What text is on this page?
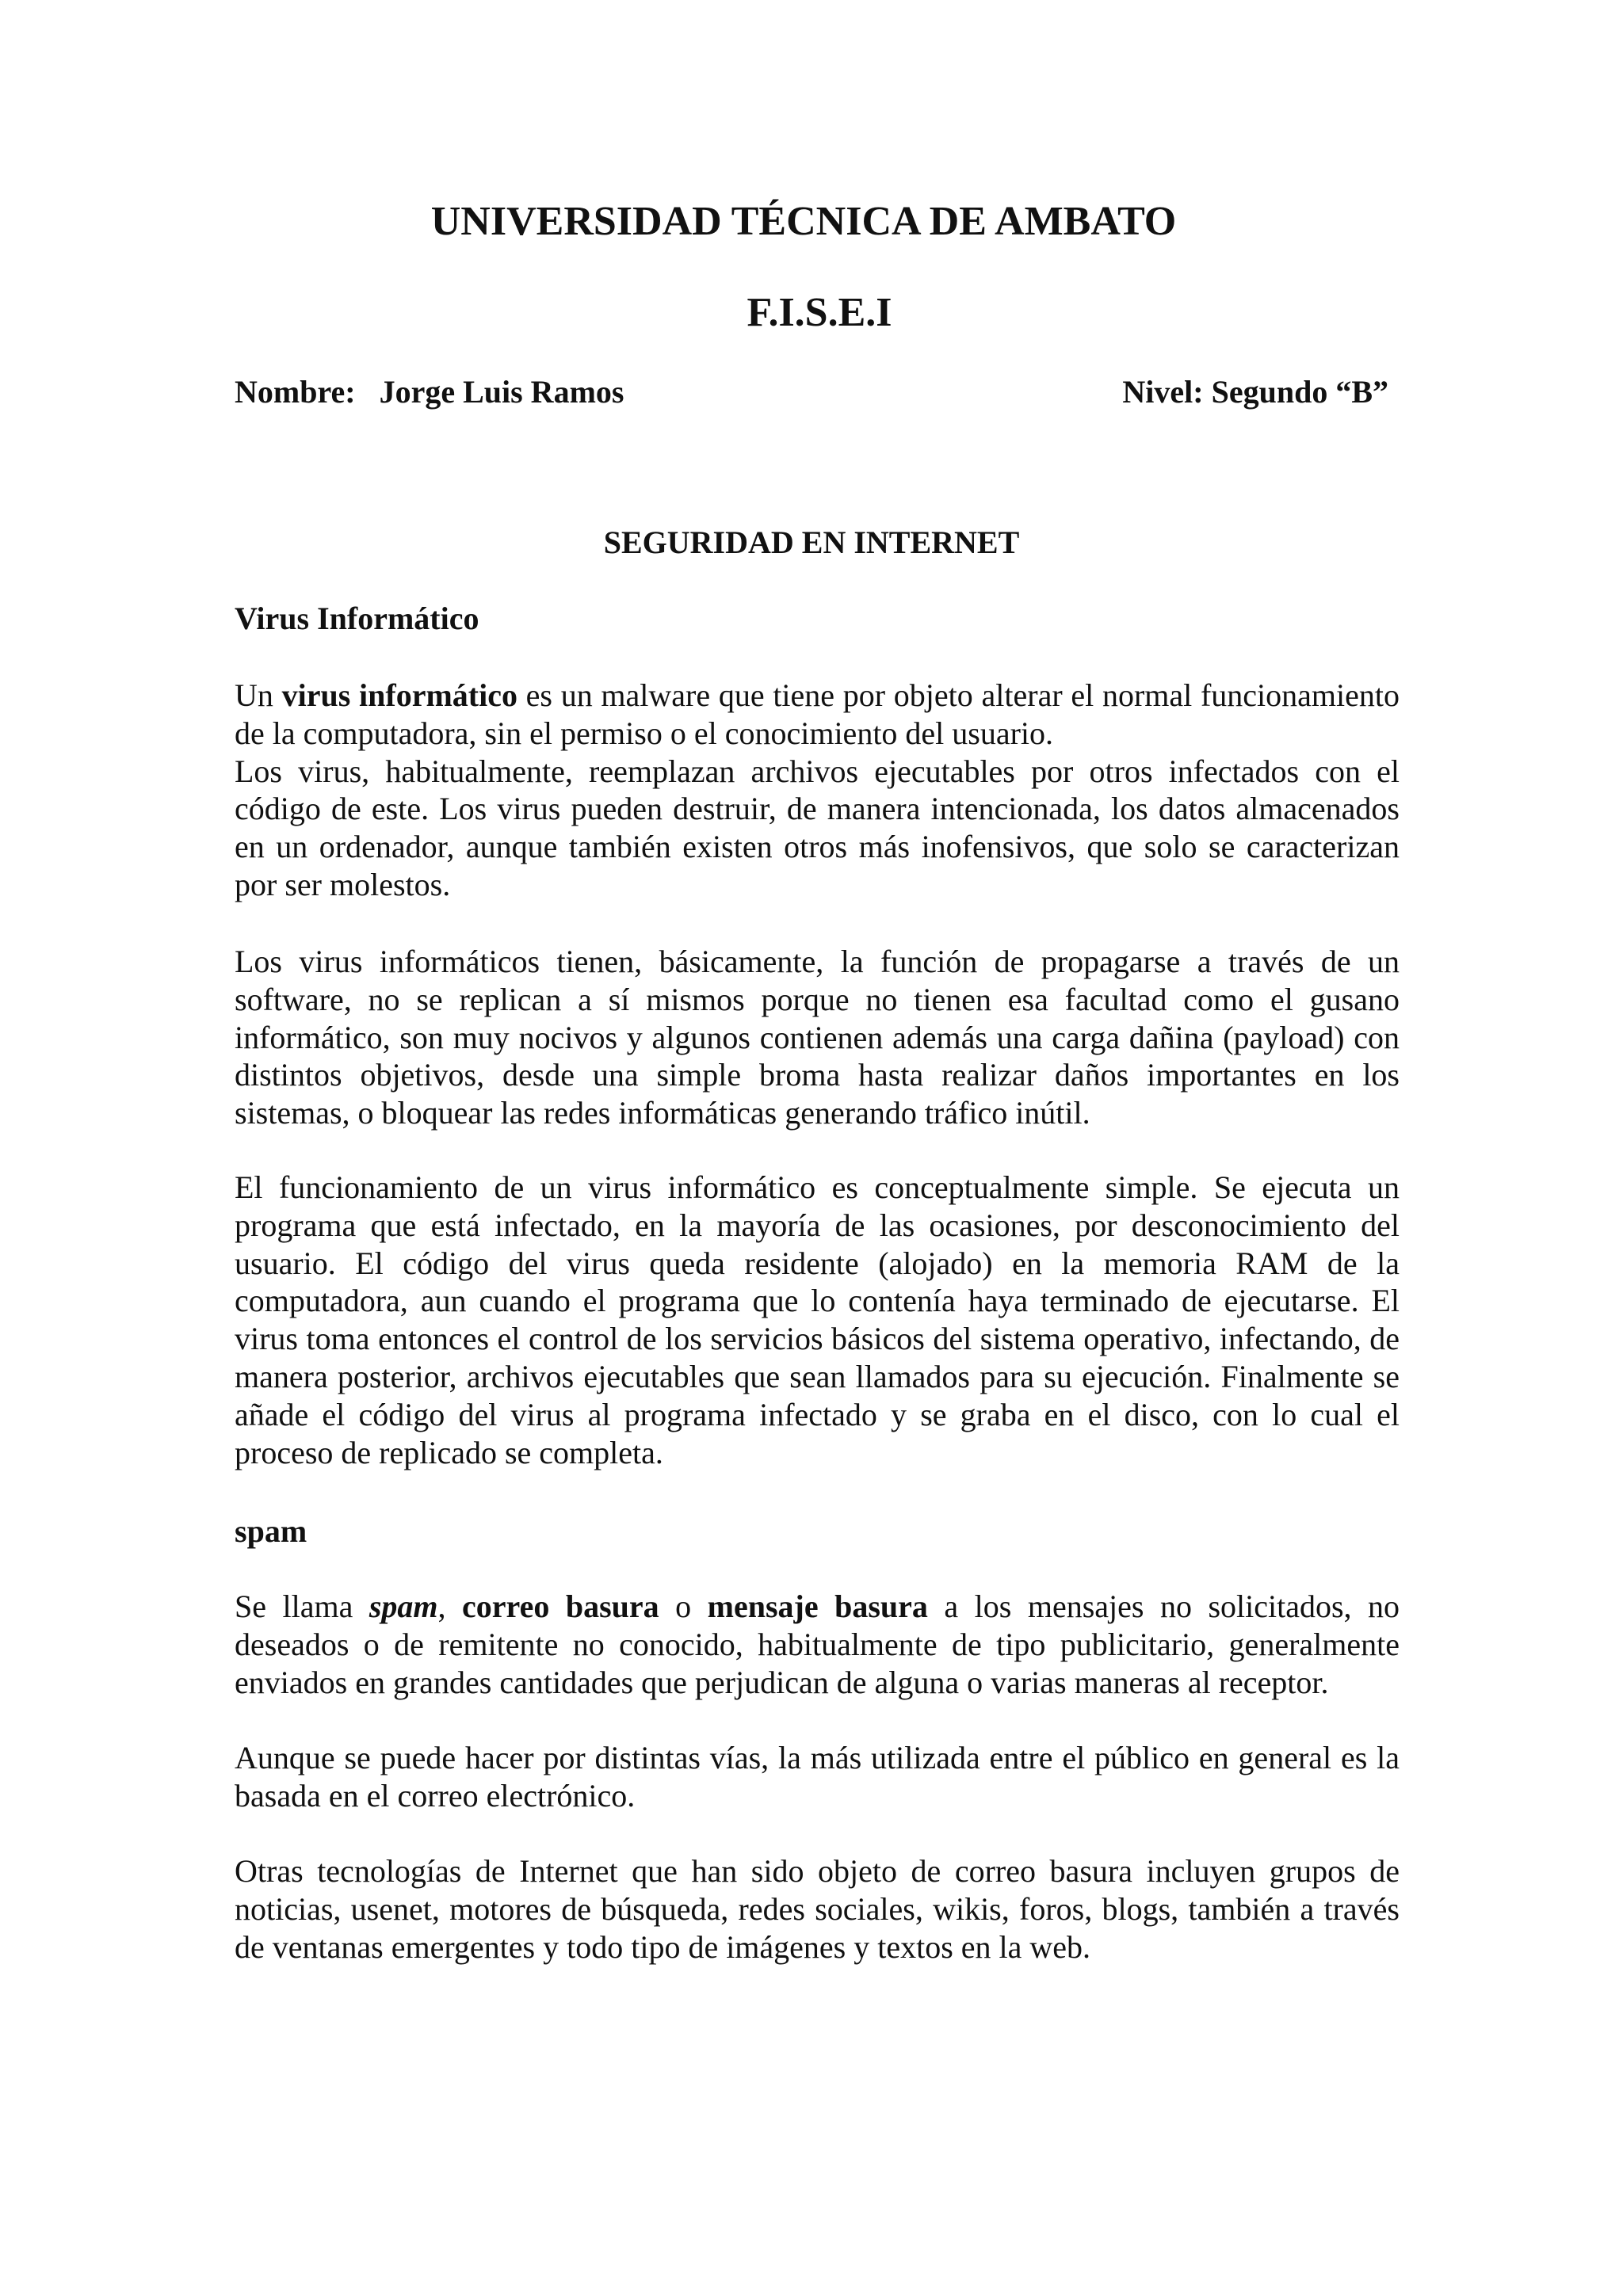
UNIVERSIDAD TÉCNICA DE AMBATO
F.I.S.E.I
Nombre: Jorge Luis Ramos	Nivel: Segundo “B”
SEGURIDAD EN INTERNET
Virus Informático

Un virus informático es un malware que tiene por objeto alterar el normal funcionamiento de la computadora, sin el permiso o el conocimiento del usuario.
Los virus, habitualmente, reemplazan archivos ejecutables por otros infectados con el código de este. Los virus pueden destruir, de manera intencionada, los datos almacenados en un ordenador, aunque también existen otros más inofensivos, que solo se caracterizan por ser molestos.

Los virus informáticos tienen, básicamente, la función de propagarse a través de un software, no se replican a sí mismos porque no tienen esa facultad como el gusano informático, son muy nocivos y algunos contienen además una carga dañina (payload) con distintos objetivos, desde una simple broma hasta realizar daños importantes en los sistemas, o bloquear las redes informáticas generando tráfico inútil.

El funcionamiento de un virus informático es conceptualmente simple. Se ejecuta un programa que está infectado, en la mayoría de las ocasiones, por desconocimiento del usuario. El código del virus queda residente (alojado) en la memoria RAM de la computadora, aun cuando el programa que lo contenía haya terminado de ejecutarse. El virus toma entonces el control de los servicios básicos del sistema operativo, infectando, de manera posterior, archivos ejecutables que sean llamados para su ejecución. Finalmente se añade el código del virus al programa infectado y se graba en el disco, con lo cual el proceso de replicado se completa.

spam

Se llama spam, correo basura o mensaje basura a los mensajes no solicitados, no deseados o de remitente no conocido, habitualmente de tipo publicitario, generalmente enviados en grandes cantidades que perjudican de alguna o varias maneras al receptor.

Aunque se puede hacer por distintas vías, la más utilizada entre el público en general es la basada en el correo electrónico.

Otras tecnologías de Internet que han sido objeto de correo basura incluyen grupos de noticias, usenet, motores de búsqueda, redes sociales, wikis, foros, blogs, también a través de ventanas emergentes y todo tipo de imágenes y textos en la web.
